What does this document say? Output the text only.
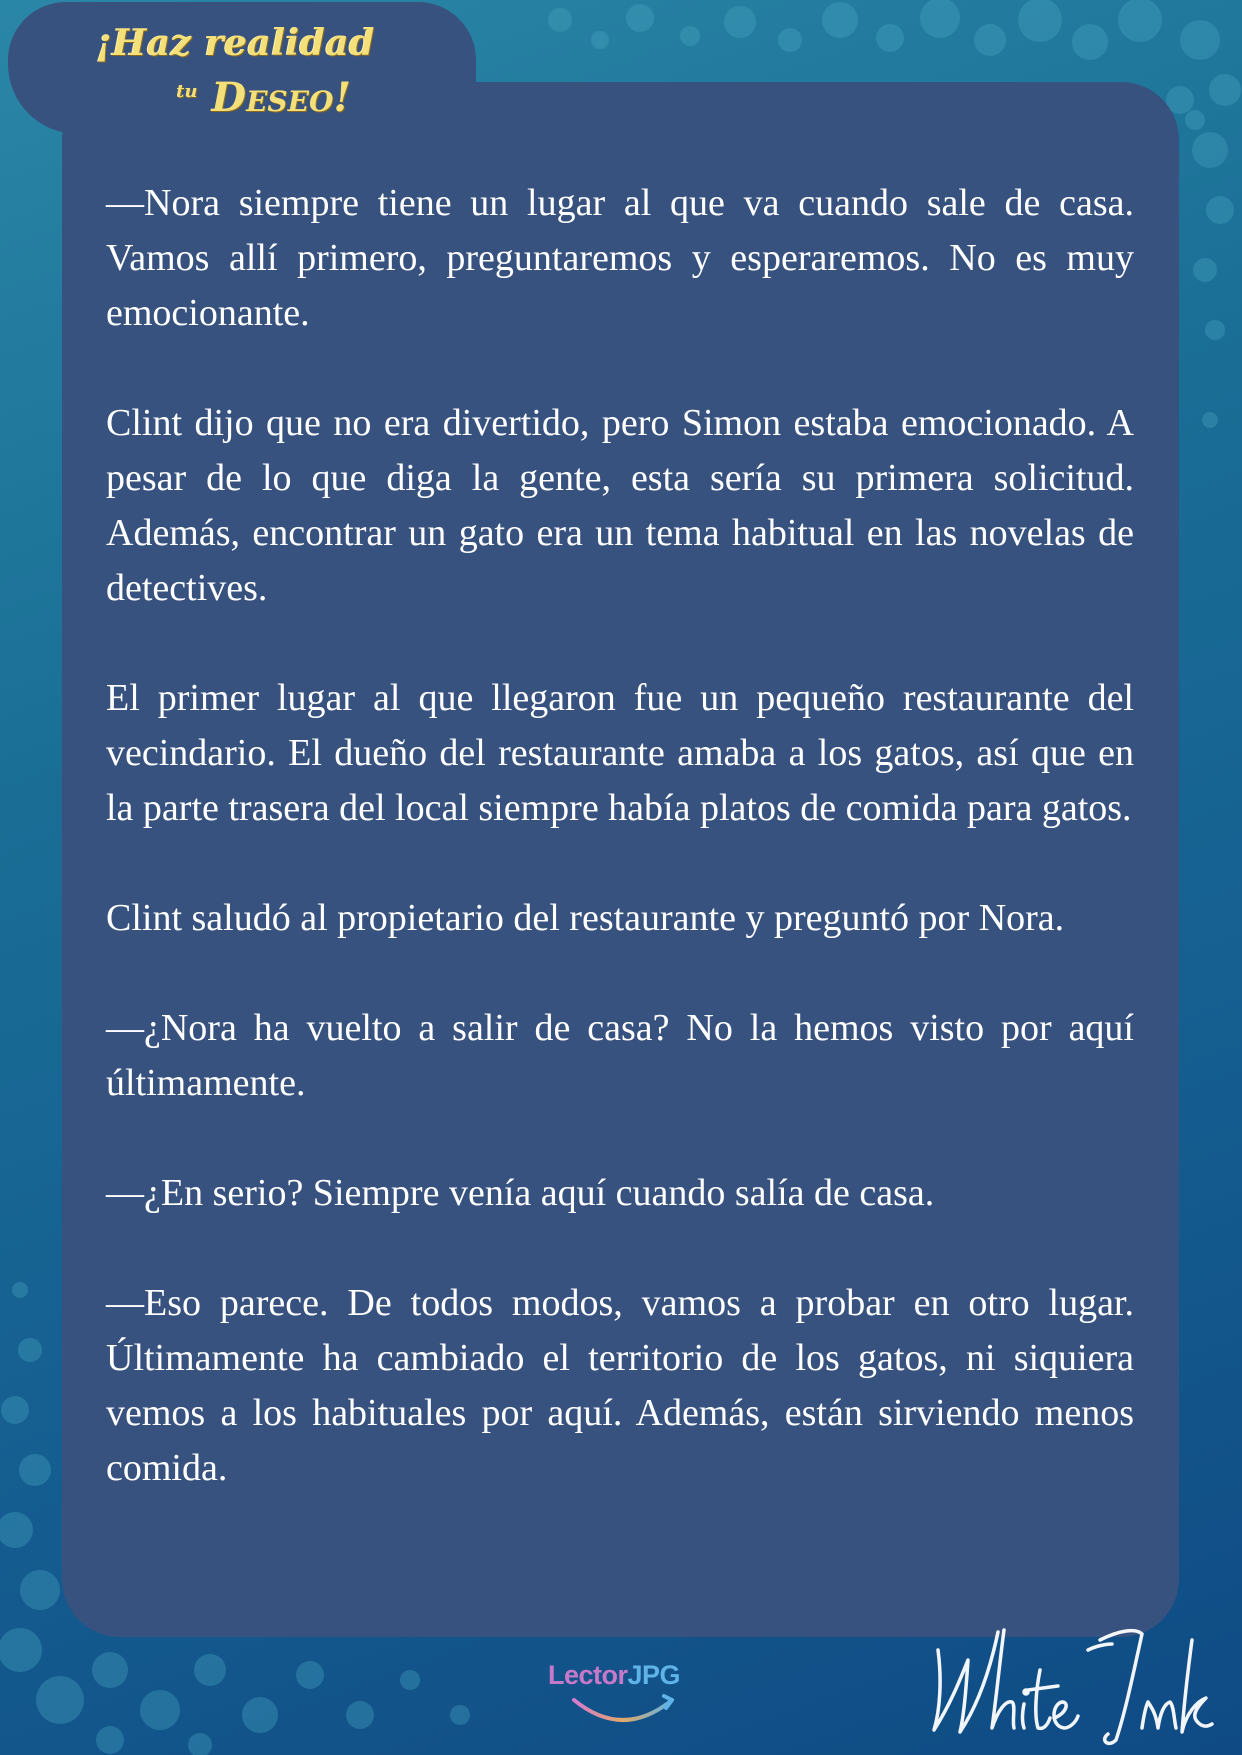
¡Haz realidad
tu Deseo!

—Nora siempre tiene un lugar al que va cuando sale de casa. Vamos allí primero, preguntaremos y esperaremos. No es muy emocionante.

Clint dijo que no era divertido, pero Simon estaba emocionado. A pesar de lo que diga la gente, esta sería su primera solicitud. Además, encontrar un gato era un tema habitual en las novelas de detectives.

El primer lugar al que llegaron fue un pequeño restaurante del vecindario. El dueño del restaurante amaba a los gatos, así que en la parte trasera del local siempre había platos de comida para gatos.

Clint saludó al propietario del restaurante y preguntó por Nora.

—¿Nora ha vuelto a salir de casa? No la hemos visto por aquí últimamente.

—¿En serio? Siempre venía aquí cuando salía de casa.

—Eso parece. De todos modos, vamos a probar en otro lugar. Últimamente ha cambiado el territorio de los gatos, ni siquiera vemos a los habituales por aquí. Además, están sirviendo menos comida.

LectorJPG
